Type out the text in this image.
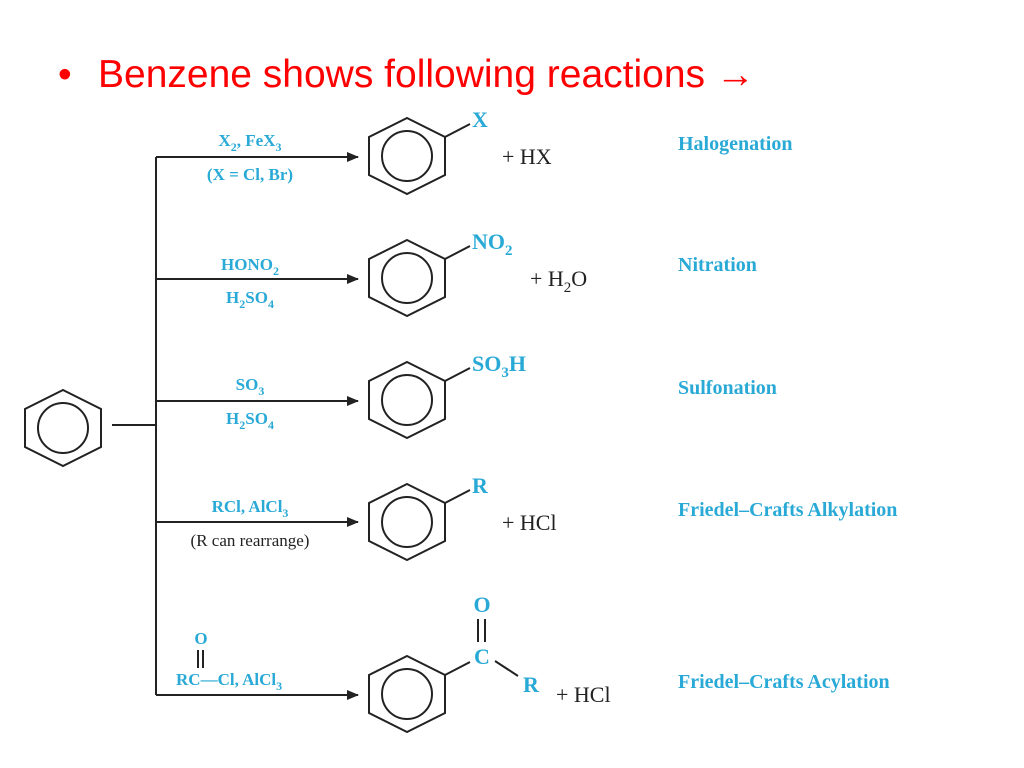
• Benzene shows following reactions →
$X_2$, FeX$_3$
(X = Cl, Br)
X
+ HX	Halogenation
$HONO_2$
$H_2SO_4$
$NO_2$
+ $H_2O$
Nitration
$SO_3$
$H_2SO_4$
$SO_3H$
Sulfonation
RCl, AlCl$_3$
(R can rearrange)
R
+ HCl	Friedel–Crafts Alkylation
O
RC—Cl, AlCl$_3$
O
C
R + HCl	Friedel–Crafts Acylation
